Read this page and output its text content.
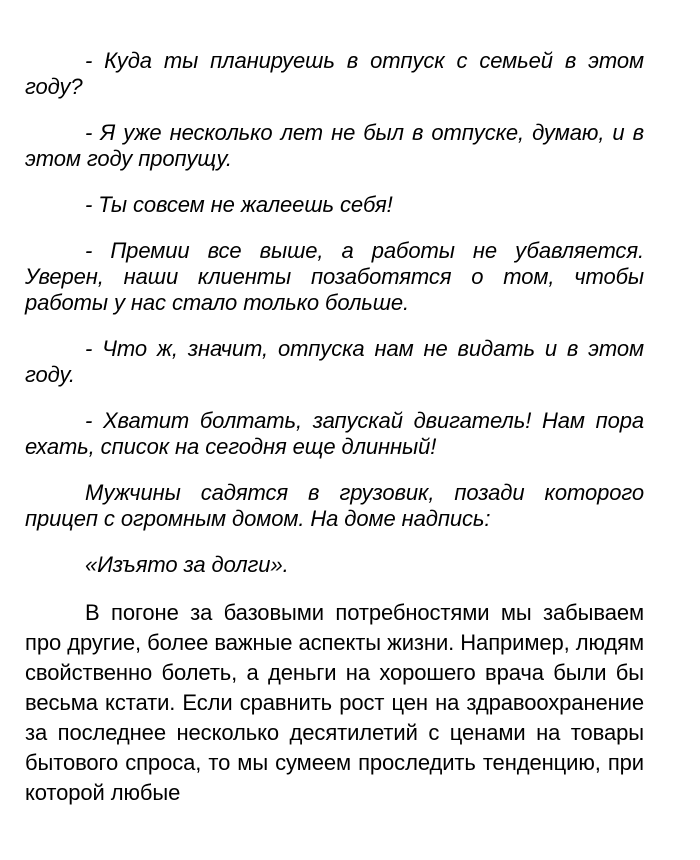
- Куда ты планируешь в отпуск с семьей в этом году?

- Я уже несколько лет не был в отпуске, думаю, и в этом году пропущу.

- Ты совсем не жалеешь себя!

- Премии все выше, а работы не убавляется. Уверен, наши клиенты позаботятся о том, чтобы работы у нас стало только больше.

- Что ж, значит, отпуска нам не видать и в этом году.

- Хватит болтать, запускай двигатель! Нам пора ехать, список на сегодня еще длинный!

Мужчины садятся в грузовик, позади которого прицеп с огромным домом. На доме надпись:

«Изъято за долги».

В погоне за базовыми потребностями мы забываем про другие, более важные аспекты жизни. Например, людям свойственно болеть, а деньги на хорошего врача были бы весьма кстати. Если сравнить рост цен на здравоохранение за последнее несколько десятилетий с ценами на товары бытового спроса, то мы сумеем проследить тенденцию, при которой любые
